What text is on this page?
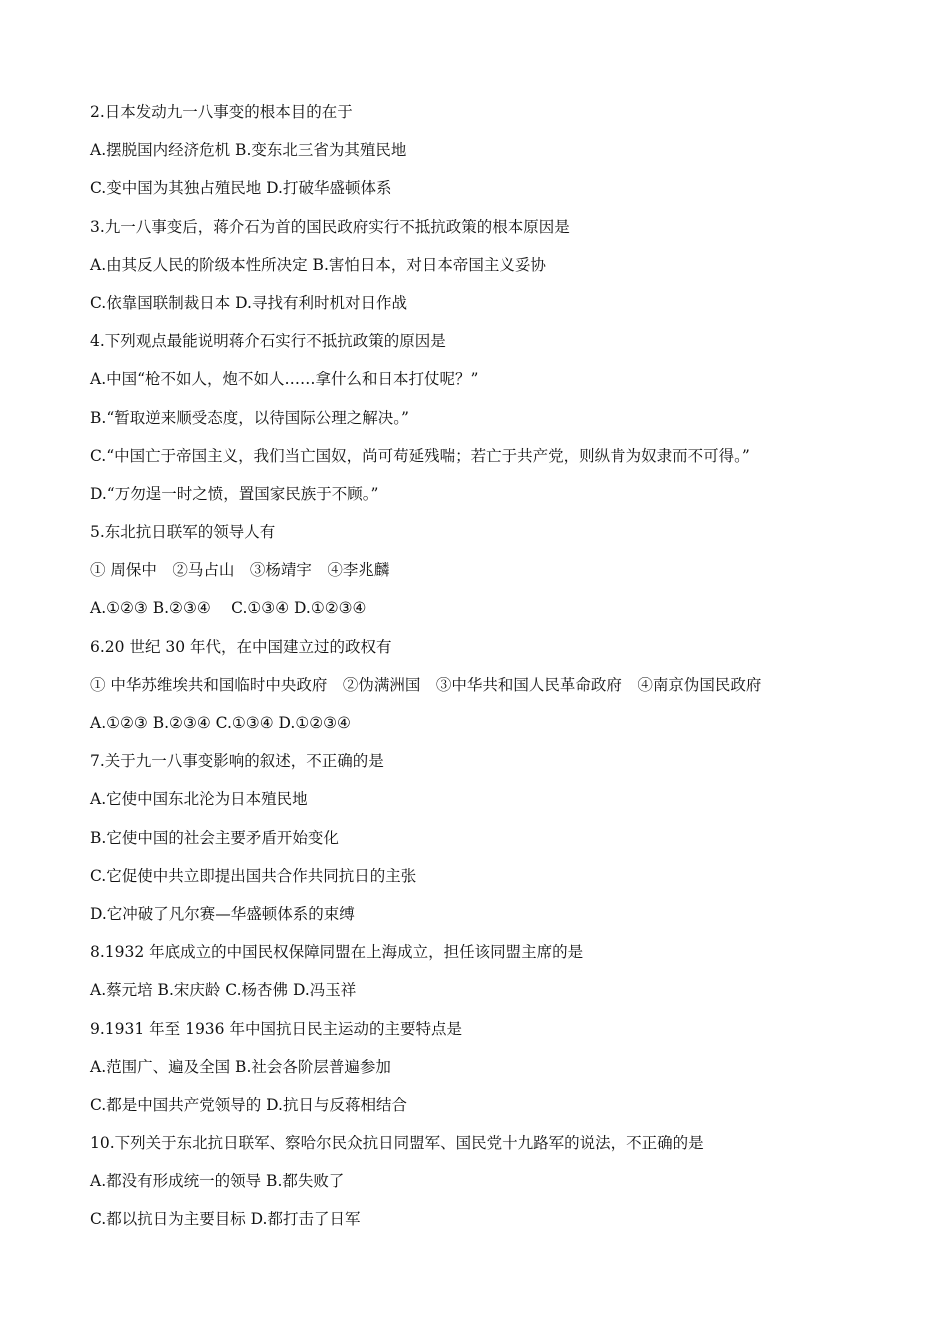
2.日本发动九一八事变的根本目的在于
A.摆脱国内经济危机 B.变东北三省为其殖民地
C.变中国为其独占殖民地 D.打破华盛顿体系
3.九一八事变后，蒋介石为首的国民政府实行不抵抗政策的根本原因是
A.由其反人民的阶级本性所决定 B.害怕日本，对日本帝国主义妥协
C.依靠国联制裁日本 D.寻找有利时机对日作战
4.下列观点最能说明蒋介石实行不抵抗政策的原因是
A.中国“枪不如人，炮不如人……拿什么和日本打仗呢？”
B.“暂取逆来顺受态度，以待国际公理之解决。”
C.“中国亡于帝国主义，我们当亡国奴，尚可苟延残喘；若亡于共产党，则纵肯为奴隶而不可得。”
D.“万勿逞一时之愤，置国家民族于不顾。”
5.东北抗日联军的领导人有
① 周保中　②马占山　③杨靖宇　④李兆麟
A.①②③ B.②③④　 C.①③④ D.①②③④
6.20 世纪 30 年代，在中国建立过的政权有
① 中华苏维埃共和国临时中央政府　②伪满洲国　③中华共和国人民革命政府　④南京伪国民政府
A.①②③ B.②③④ C.①③④ D.①②③④
7.关于九一八事变影响的叙述，不正确的是
A.它使中国东北沦为日本殖民地
B.它使中国的社会主要矛盾开始变化
C.它促使中共立即提出国共合作共同抗日的主张
D.它冲破了凡尔赛—华盛顿体系的束缚
8.1932 年底成立的中国民权保障同盟在上海成立，担任该同盟主席的是
A.蔡元培 B.宋庆龄 C.杨杏佛 D.冯玉祥
9.1931 年至 1936 年中国抗日民主运动的主要特点是
A.范围广、遍及全国 B.社会各阶层普遍参加
C.都是中国共产党领导的 D.抗日与反蒋相结合
10.下列关于东北抗日联军、察哈尔民众抗日同盟军、国民党十九路军的说法，不正确的是
A.都没有形成统一的领导 B.都失败了
C.都以抗日为主要目标 D.都打击了日军
